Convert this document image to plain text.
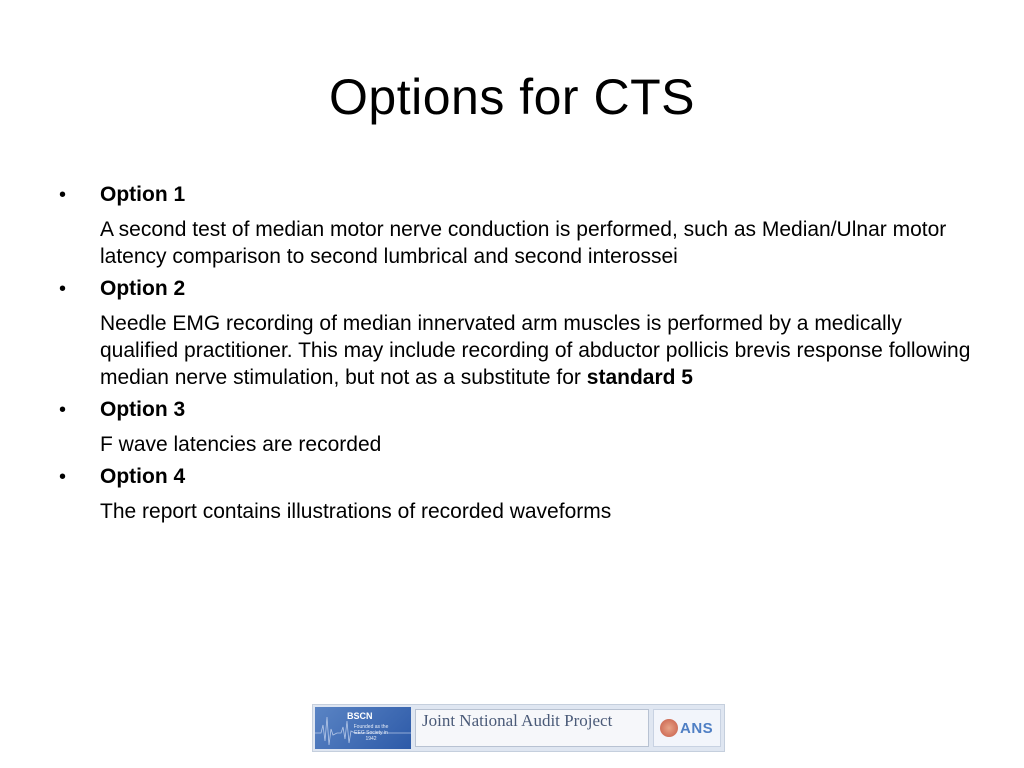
Options for CTS
• Option 1
A second test of median motor nerve conduction is performed, such as Median/Ulnar motor latency comparison to second lumbrical and second interossei
• Option 2
Needle EMG recording of median innervated arm muscles is performed by a medically qualified practitioner. This may include recording of abductor pollicis brevis response following median nerve stimulation, but not as a substitute for standard 5
• Option 3
F wave latencies are recorded
• Option 4
The report contains illustrations of recorded waveforms
BSCN
Founded as the EEG Society in 1942
Joint National Audit Project	ANS
